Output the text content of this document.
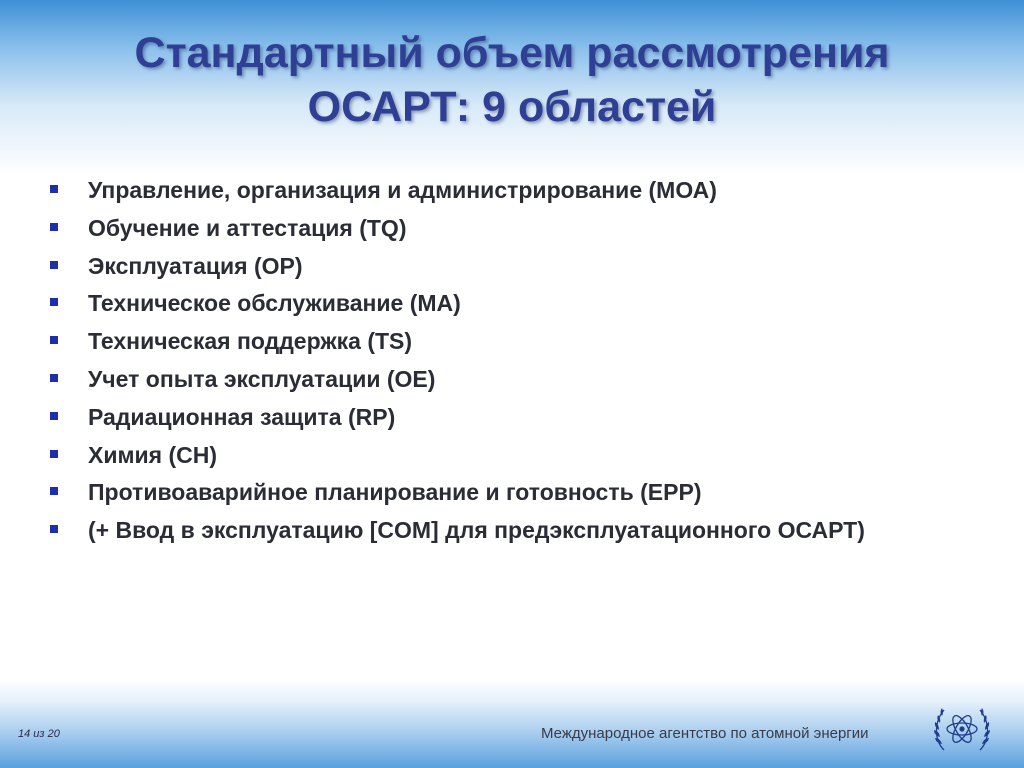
Стандартный объем рассмотрения
ОСАРТ: 9 областей
Управление, организация и администрирование (МОА)
Обучение и аттестация (TQ)
Эксплуатация (OP)
Техническое обслуживание (MA)
Техническая поддержка (TS)
Учет опыта эксплуатации (OE)
Радиационная защита (RP)
Химия (CH)
Противоаварийное планирование и готовность (EPP)
(+ Ввод в эксплуатацию [COM] для предэксплуатационного ОСАРТ)
14 из 20	Международное агентство по атомной энергии
